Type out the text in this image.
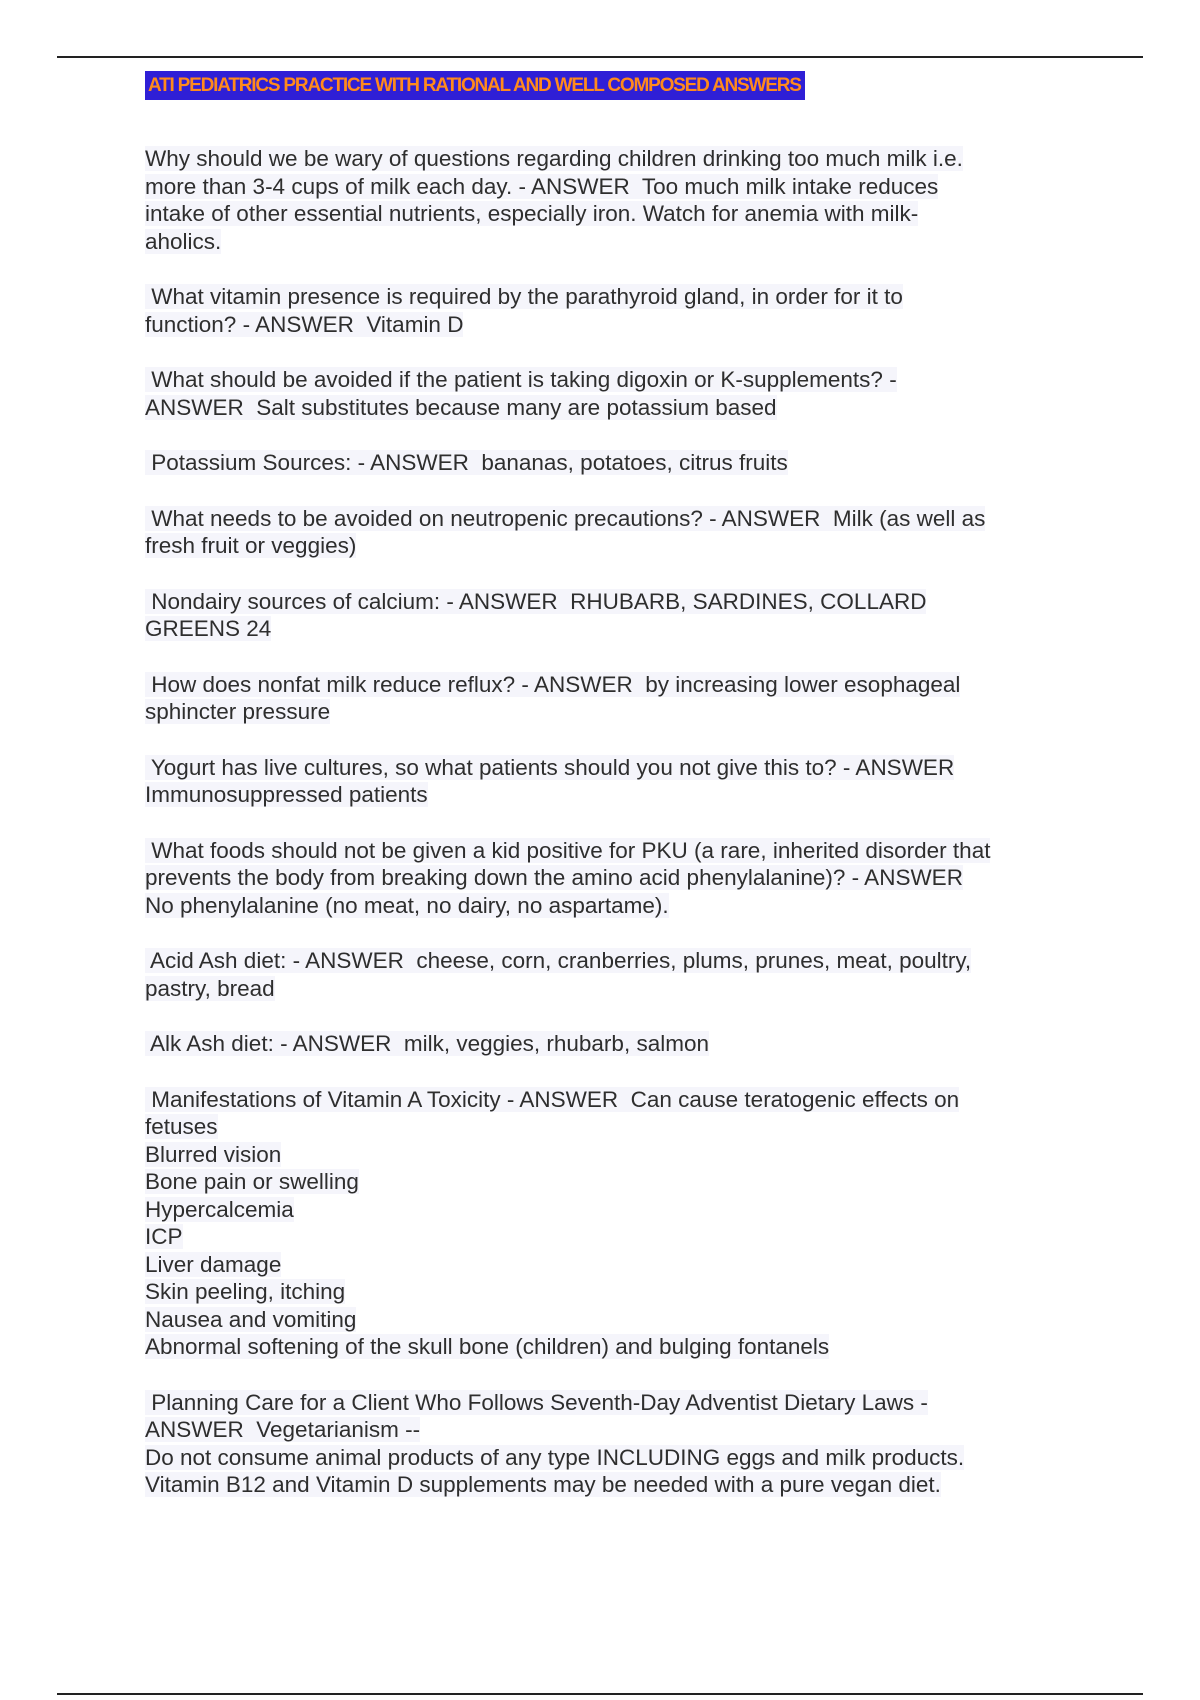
ATI PEDIATRICS PRACTICE WITH RATIONAL AND WELL COMPOSED ANSWERS
Why should we be wary of questions regarding children drinking too much milk i.e.
more than 3-4 cups of milk each day. - ANSWER  Too much milk intake reduces
intake of other essential nutrients, especially iron. Watch for anemia with milk-
aholics.
What vitamin presence is required by the parathyroid gland, in order for it to
function? - ANSWER  Vitamin D
What should be avoided if the patient is taking digoxin or K-supplements? -
ANSWER  Salt substitutes because many are potassium based
Potassium Sources: - ANSWER  bananas, potatoes, citrus fruits
What needs to be avoided on neutropenic precautions? - ANSWER  Milk (as well as
fresh fruit or veggies)
Nondairy sources of calcium: - ANSWER  RHUBARB, SARDINES, COLLARD
GREENS 24
How does nonfat milk reduce reflux? - ANSWER  by increasing lower esophageal
sphincter pressure
Yogurt has live cultures, so what patients should you not give this to? - ANSWER
Immunosuppressed patients
What foods should not be given a kid positive for PKU (a rare, inherited disorder that
prevents the body from breaking down the amino acid phenylalanine)? - ANSWER
No phenylalanine (no meat, no dairy, no aspartame).
Acid Ash diet: - ANSWER  cheese, corn, cranberries, plums, prunes, meat, poultry,
pastry, bread
Alk Ash diet: - ANSWER  milk, veggies, rhubarb, salmon
Manifestations of Vitamin A Toxicity - ANSWER  Can cause teratogenic effects on
fetuses
Blurred vision
Bone pain or swelling
Hypercalcemia
ICP
Liver damage
Skin peeling, itching
Nausea and vomiting
Abnormal softening of the skull bone (children) and bulging fontanels
Planning Care for a Client Who Follows Seventh-Day Adventist Dietary Laws -
ANSWER  Vegetarianism --
Do not consume animal products of any type INCLUDING eggs and milk products.
Vitamin B12 and Vitamin D supplements may be needed with a pure vegan diet.
